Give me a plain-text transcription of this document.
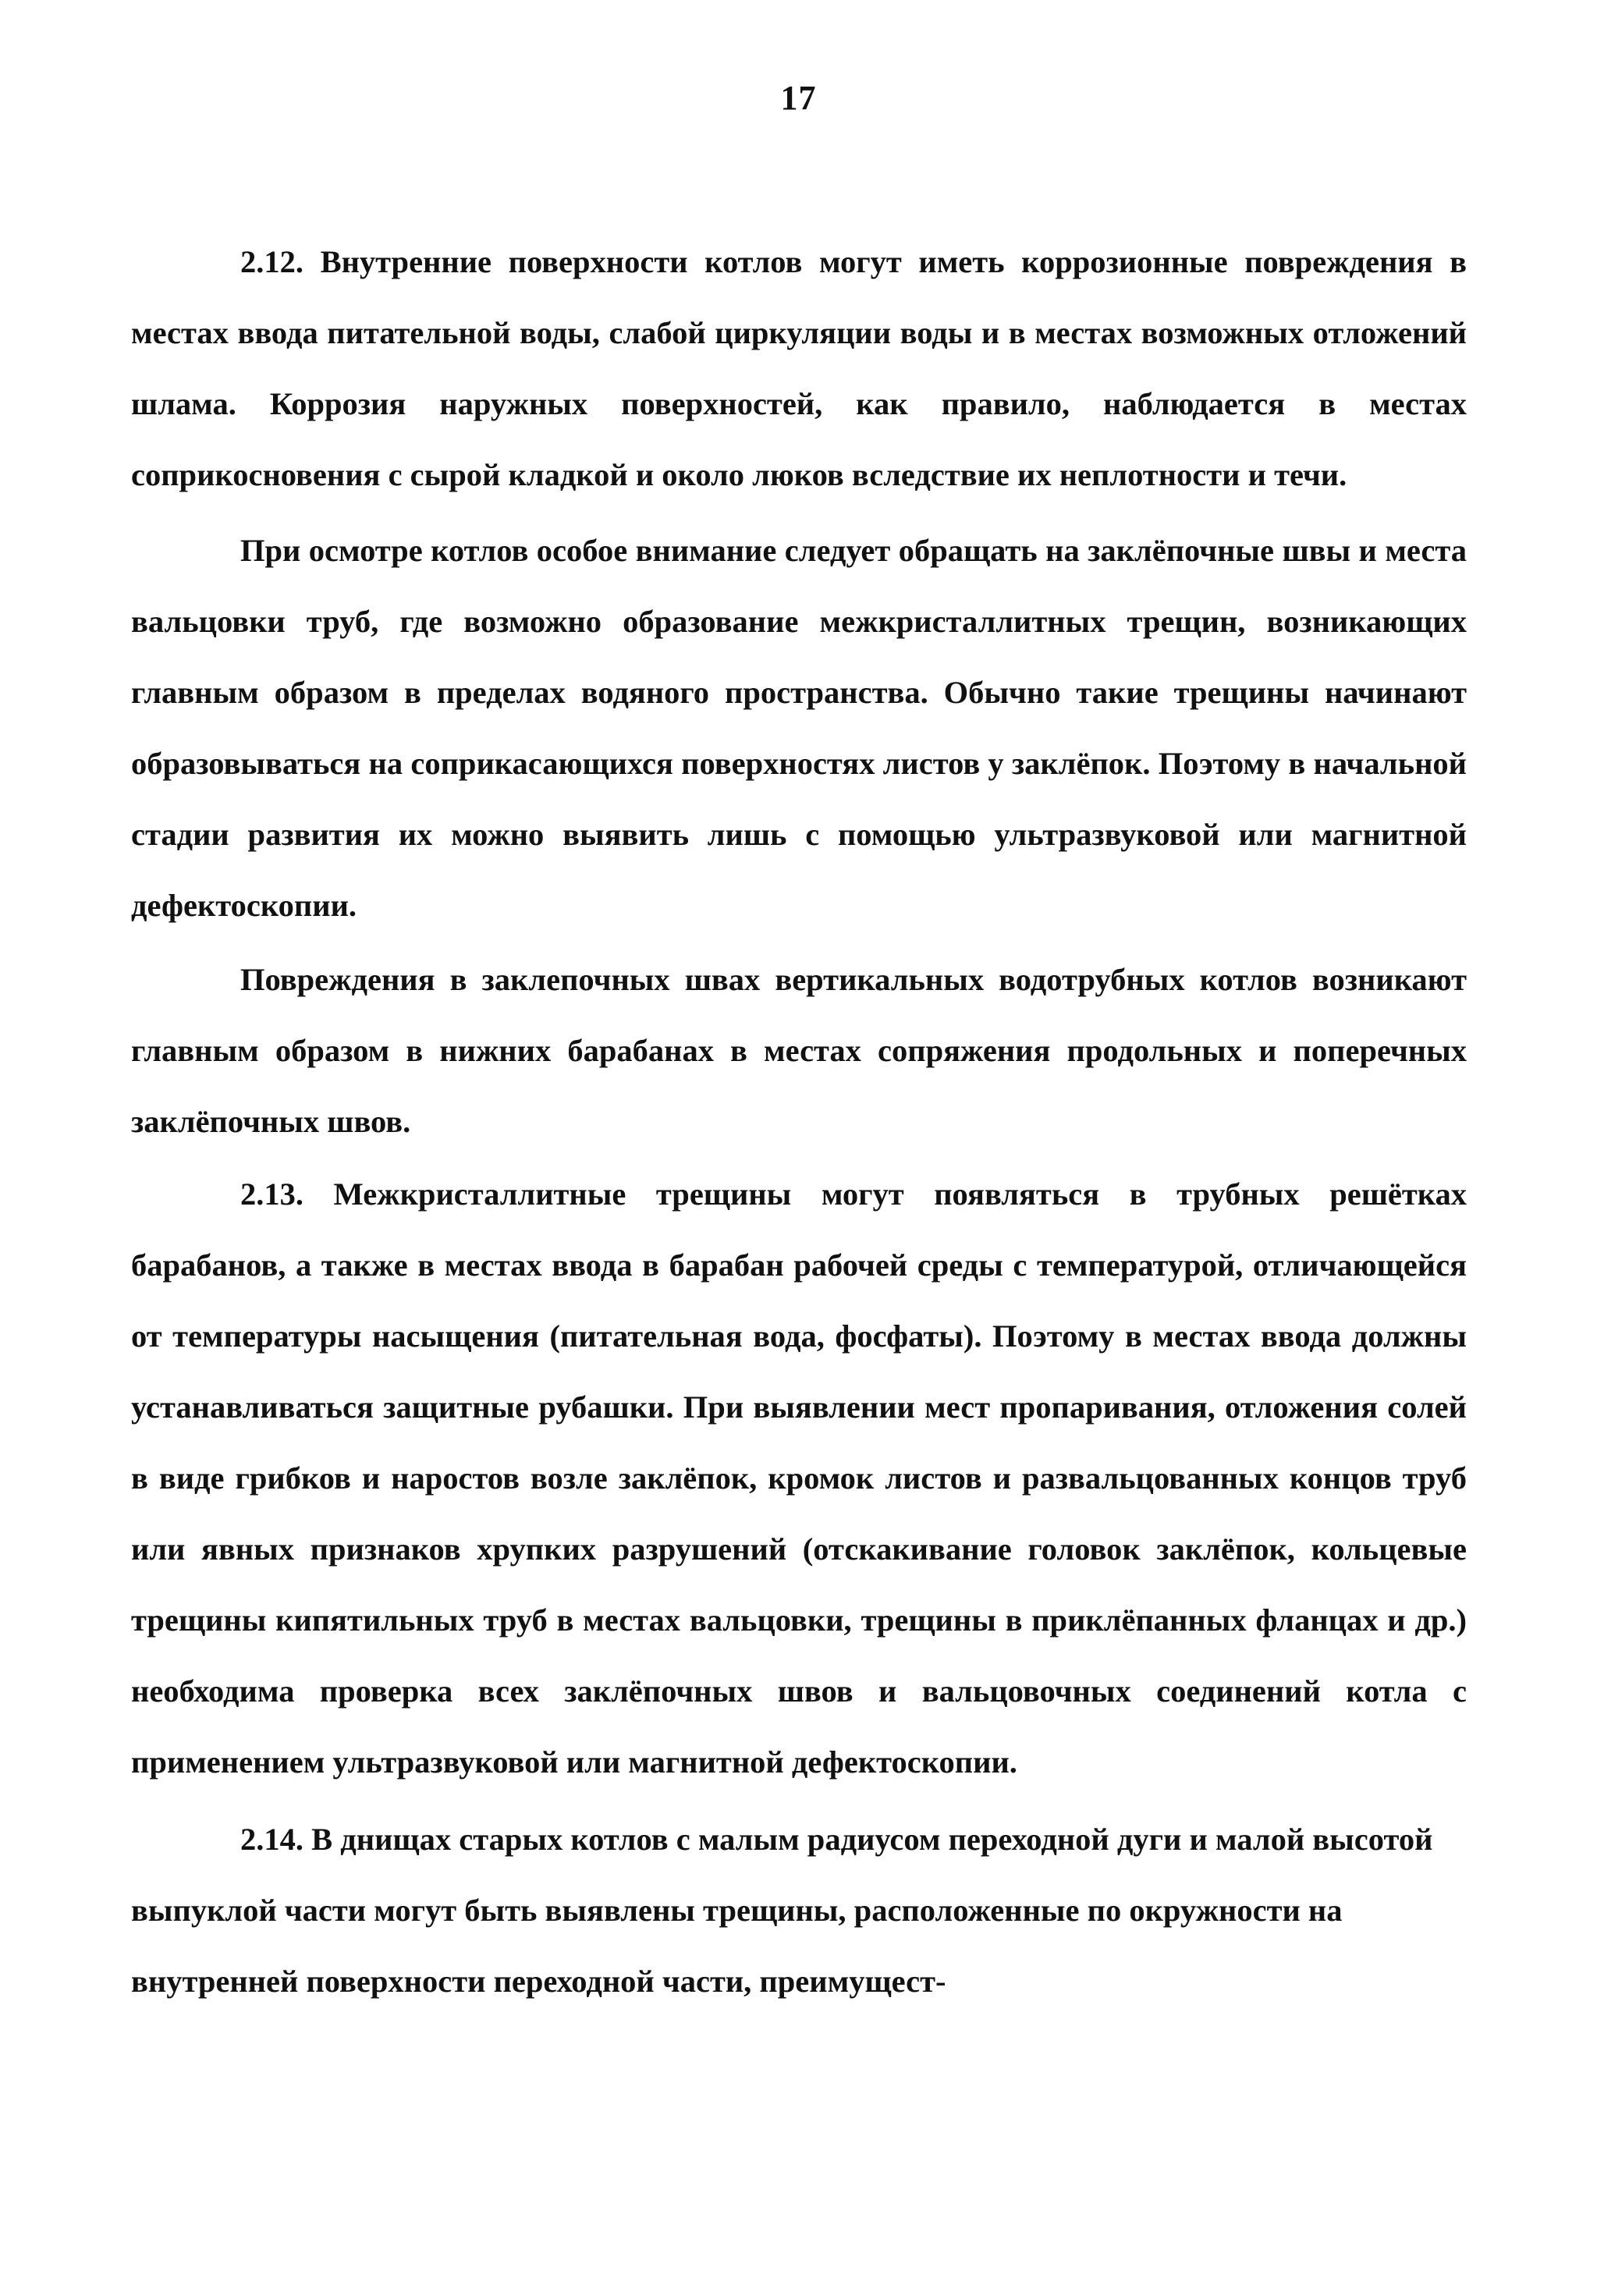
17

2.12. Внутренние поверхности котлов могут иметь коррозионные повреждения в местах ввода питательной воды, слабой циркуляции воды и в местах возможных отложений шлама. Коррозия наружных поверхностей, как правило, наблюдается в местах соприкосновения с сырой кладкой и около люков вследствие их неплотности и течи.

При осмотре котлов особое внимание следует обращать на заклёпочные швы и места вальцовки труб, где возможно образование межкристаллитных трещин, возникающих главным образом в пределах водяного пространства. Обычно такие трещины начинают образовываться на соприкасающихся поверхностях листов у заклёпок. Поэтому в начальной стадии развития их можно выявить лишь с помощью ультразвуковой или магнитной дефектоскопии.

Повреждения в заклепочных швах вертикальных водотрубных котлов возникают главным образом в нижних барабанах в местах сопряжения продольных и поперечных заклёпочных швов.

2.13. Межкристаллитные трещины могут появляться в трубных решётках барабанов, а также в местах ввода в барабан рабочей среды с температурой, отличающейся от температуры насыщения (питательная вода, фосфаты). Поэтому в местах ввода должны устанавливаться защитные рубашки. При выявлении мест пропаривания, отложения солей в виде грибков и наростов возле заклёпок, кромок листов и развальцованных концов труб или явных признаков хрупких разрушений (отскакивание головок заклёпок, кольцевые трещины кипятильных труб в местах вальцовки, трещины в приклёпанных фланцах и др.) необходима проверка всех заклёпочных швов и вальцовочных соединений котла с применением ультразвуковой или магнитной дефектоскопии.

2.14. В днищах старых котлов с малым радиусом переходной дуги и малой высотой выпуклой части могут быть выявлены трещины, расположенные по окружности на внутренней поверхности переходной части, преимущест-
